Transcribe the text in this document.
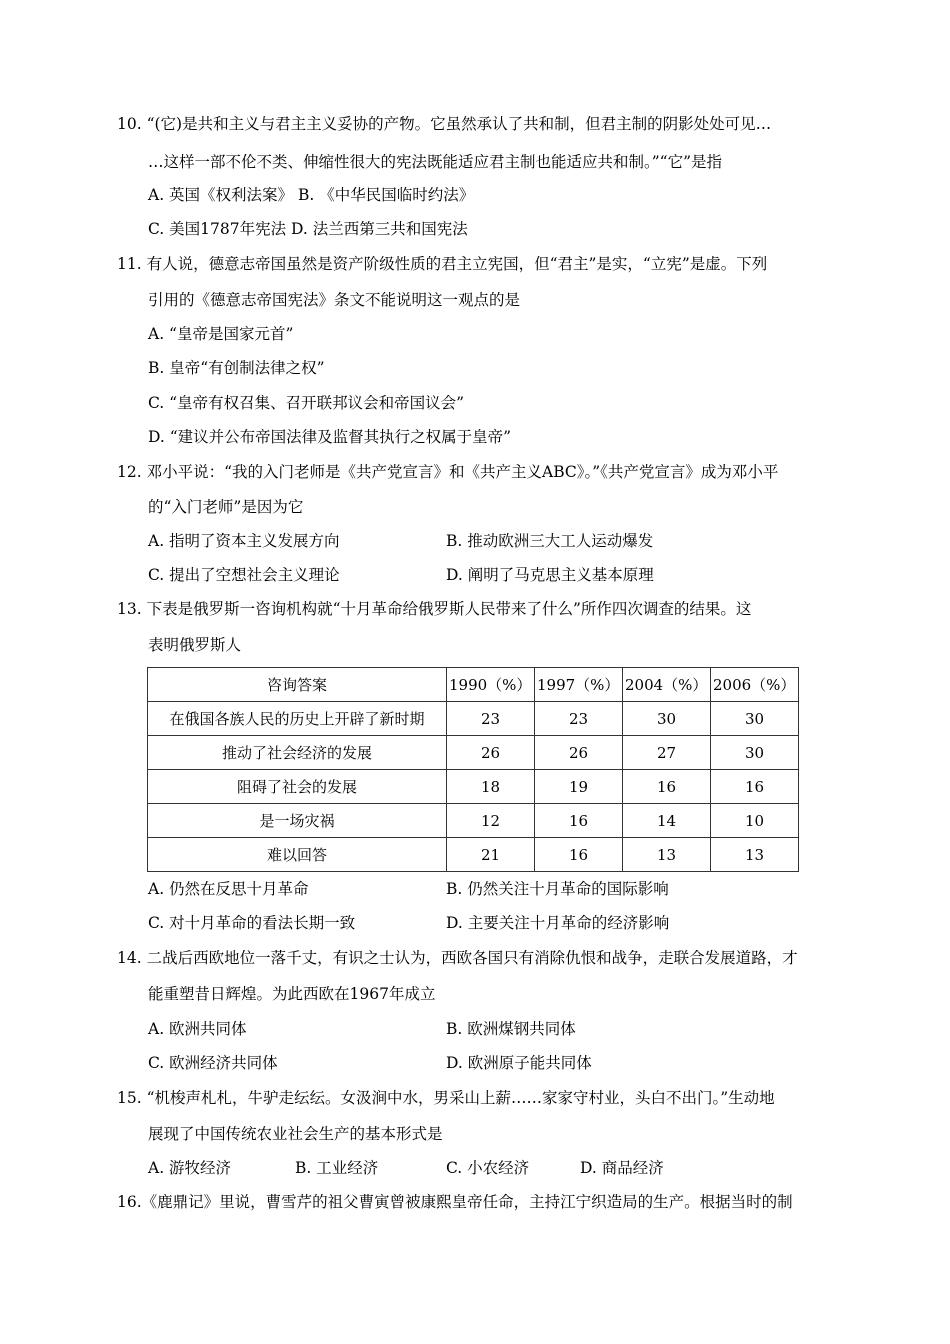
10. “(它)是共和主义与君主主义妥协的产物。它虽然承认了共和制，但君主制的阴影处处可见…
…这样一部不伦不类、伸缩性很大的宪法既能适应君主制也能适应共和制。”“它”是指
A. 英国《权利法案》 B. 《中华民国临时约法》
C. 美国1787年宪法 D. 法兰西第三共和国宪法
11. 有人说，德意志帝国虽然是资产阶级性质的君主立宪国，但“君主”是实，“立宪”是虚。下列
引用的《德意志帝国宪法》条文不能说明这一观点的是
A. “皇帝是国家元首”
B. 皇帝“有创制法律之权”
C. “皇帝有权召集、召开联邦议会和帝国议会”
D. “建议并公布帝国法律及监督其执行之权属于皇帝”
12. 邓小平说：“我的入门老师是《共产党宣言》和《共产主义ABC》。”《共产党宣言》成为邓小平
的“入门老师”是因为它
A. 指明了资本主义发展方向	B. 推动欧洲三大工人运动爆发
C. 提出了空想社会主义理论	D. 阐明了马克思主义基本原理
13. 下表是俄罗斯一咨询机构就“十月革命给俄罗斯人民带来了什么”所作四次调查的结果。这
表明俄罗斯人
咨询答案	1990（%）	1997（%）	2004（%）	2006（%）
在俄国各族人民的历史上开辟了新时期	23	23	30	30
推动了社会经济的发展	26	26	27	30
阻碍了社会的发展	18	19	16	16
是一场灾祸	12	16	14	10
难以回答	21	16	13	13
A. 仍然在反思十月革命	B. 仍然关注十月革命的国际影响
C. 对十月革命的看法长期一致	D. 主要关注十月革命的经济影响
14. 二战后西欧地位一落千丈，有识之士认为，西欧各国只有消除仇恨和战争，走联合发展道路，才
能重塑昔日辉煌。为此西欧在1967年成立
A. 欧洲共同体	B. 欧洲煤钢共同体
C. 欧洲经济共同体	D. 欧洲原子能共同体
15. “机梭声札札，牛驴走纭纭。女汲涧中水，男采山上薪……家家守村业，头白不出门。”生动地
展现了中国传统农业社会生产的基本形式是
A. 游牧经济	B. 工业经济	C. 小农经济	D. 商品经济
16.《鹿鼎记》里说，曹雪芹的祖父曹寅曾被康熙皇帝任命，主持江宁织造局的生产。根据当时的制
